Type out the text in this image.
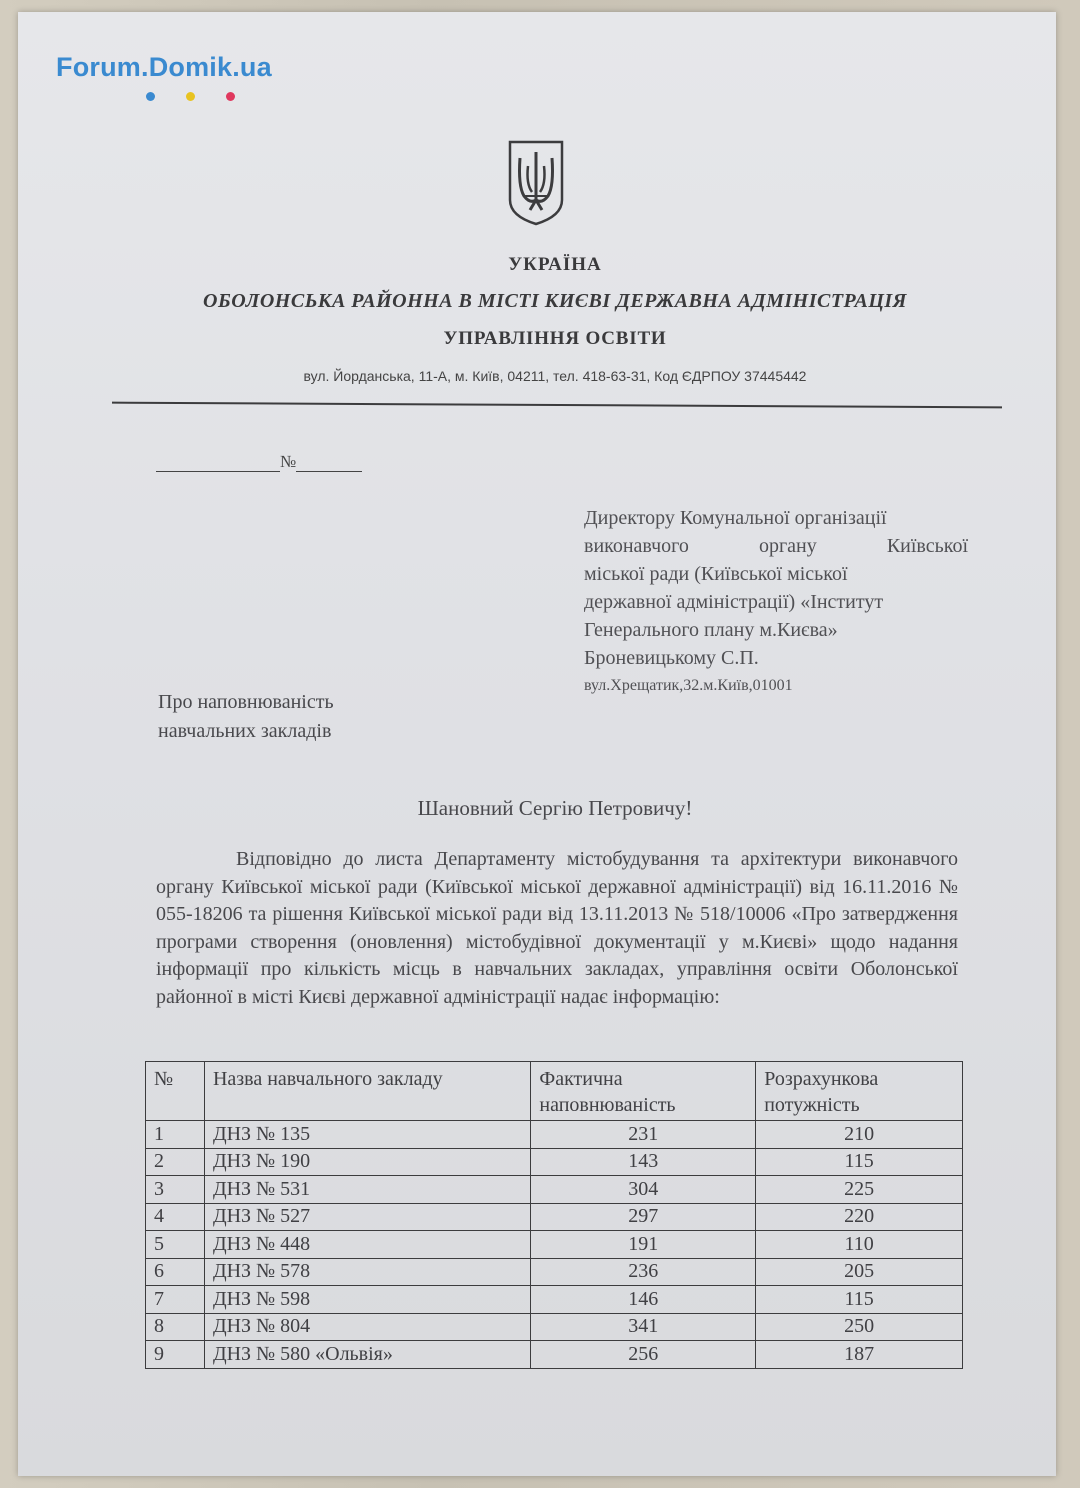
Forum.Domik.ua
УКРАЇНА
ОБОЛОНСЬКА РАЙОННА В МІСТІ КИЄВІ ДЕРЖАВНА АДМІНІСТРАЦІЯ
УПРАВЛІННЯ ОСВІТИ
вул. Йорданська, 11-А, м. Київ, 04211, тел. 418-63-31, Код ЄДРПОУ 37445442
№
Директору Комунальної організації
виконавчого органу Київської
міської ради (Київської міської
державної адміністрації) «Інститут
Генерального плану м.Києва»
Броневицькому С.П.
вул.Хрещатик,32.м.Київ,01001
Про наповнюваність
навчальних закладів
Шановний Сергію Петровичу!
Відповідно до листа Департаменту містобудування та архітектури виконавчого органу Київської міської ради (Київської міської державної адміністрації) від 16.11.2016 № 055-18206 та рішення Київської міської ради від 13.11.2013 № 518/10006 «Про затвердження програми створення (оновлення) містобудівної документації у м.Києві» щодо надання інформації про кількість місць в навчальних закладах, управління освіти Оболонської районної в місті Києві державної адміністрації надає інформацію:
№	Назва навчального закладу	Фактична наповнюваність	Розрахункова потужність
1	ДНЗ № 135	231	210
2	ДНЗ № 190	143	115
3	ДНЗ № 531	304	225
4	ДНЗ № 527	297	220
5	ДНЗ № 448	191	110
6	ДНЗ № 578	236	205
7	ДНЗ № 598	146	115
8	ДНЗ № 804	341	250
9	ДНЗ № 580 «Ольвія»	256	187
